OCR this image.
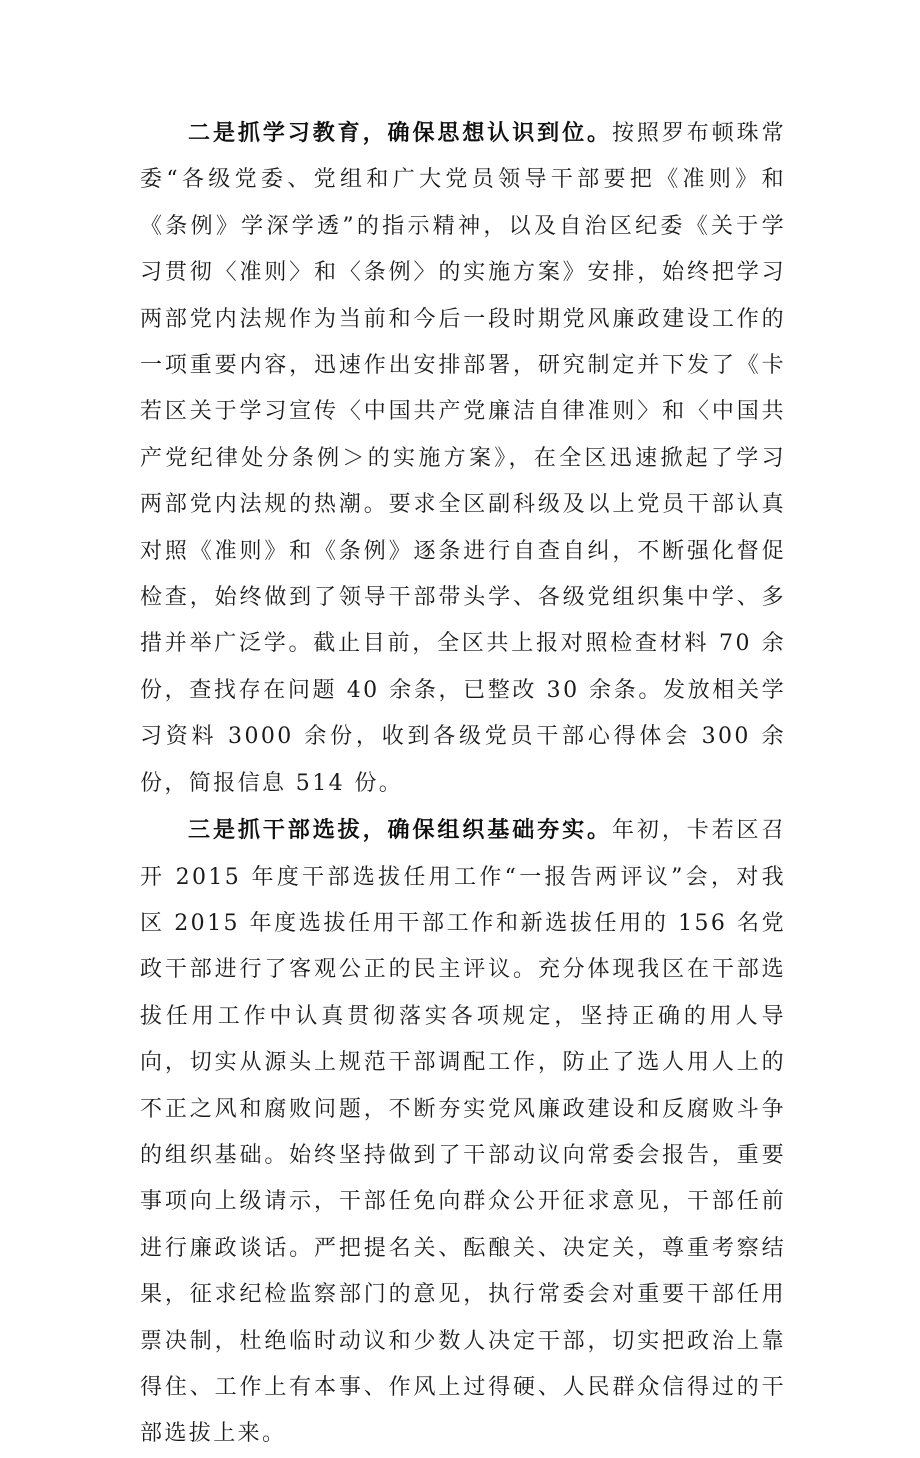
二是抓学习教育，确保思想认识到位。按照罗布顿珠常委“各级党委、党组和广大党员领导干部要把《准则》和《条例》学深学透”的指示精神，以及自治区纪委《关于学习贯彻〈准则〉和〈条例〉的实施方案》安排，始终把学习两部党内法规作为当前和今后一段时期党风廉政建设工作的一项重要内容，迅速作出安排部署，研究制定并下发了《卡若区关于学习宣传〈中国共产党廉洁自律准则〉和〈中国共产党纪律处分条例＞的实施方案》，在全区迅速掀起了学习两部党内法规的热潮。要求全区副科级及以上党员干部认真对照《准则》和《条例》逐条进行自查自纠，不断强化督促检查，始终做到了领导干部带头学、各级党组织集中学、多措并举广泛学。截止目前，全区共上报对照检查材料 70 余份，查找存在问题 40 余条，已整改 30 余条。发放相关学习资料 3000 余份，收到各级党员干部心得体会 300 余份，简报信息 514 份。

三是抓干部选拔，确保组织基础夯实。年初，卡若区召开 2015 年度干部选拔任用工作“一报告两评议”会，对我区 2015 年度选拔任用干部工作和新选拔任用的 156 名党政干部进行了客观公正的民主评议。充分体现我区在干部选拔任用工作中认真贯彻落实各项规定，坚持正确的用人导向，切实从源头上规范干部调配工作，防止了选人用人上的不正之风和腐败问题，不断夯实党风廉政建设和反腐败斗争的组织基础。始终坚持做到了干部动议向常委会报告，重要事项向上级请示，干部任免向群众公开征求意见，干部任前进行廉政谈话。严把提名关、酝酿关、决定关，尊重考察结果，征求纪检监察部门的意见，执行常委会对重要干部任用票决制，杜绝临时动议和少数人决定干部，切实把政治上靠得住、工作上有本事、作风上过得硬、人民群众信得过的干部选拔上来。
